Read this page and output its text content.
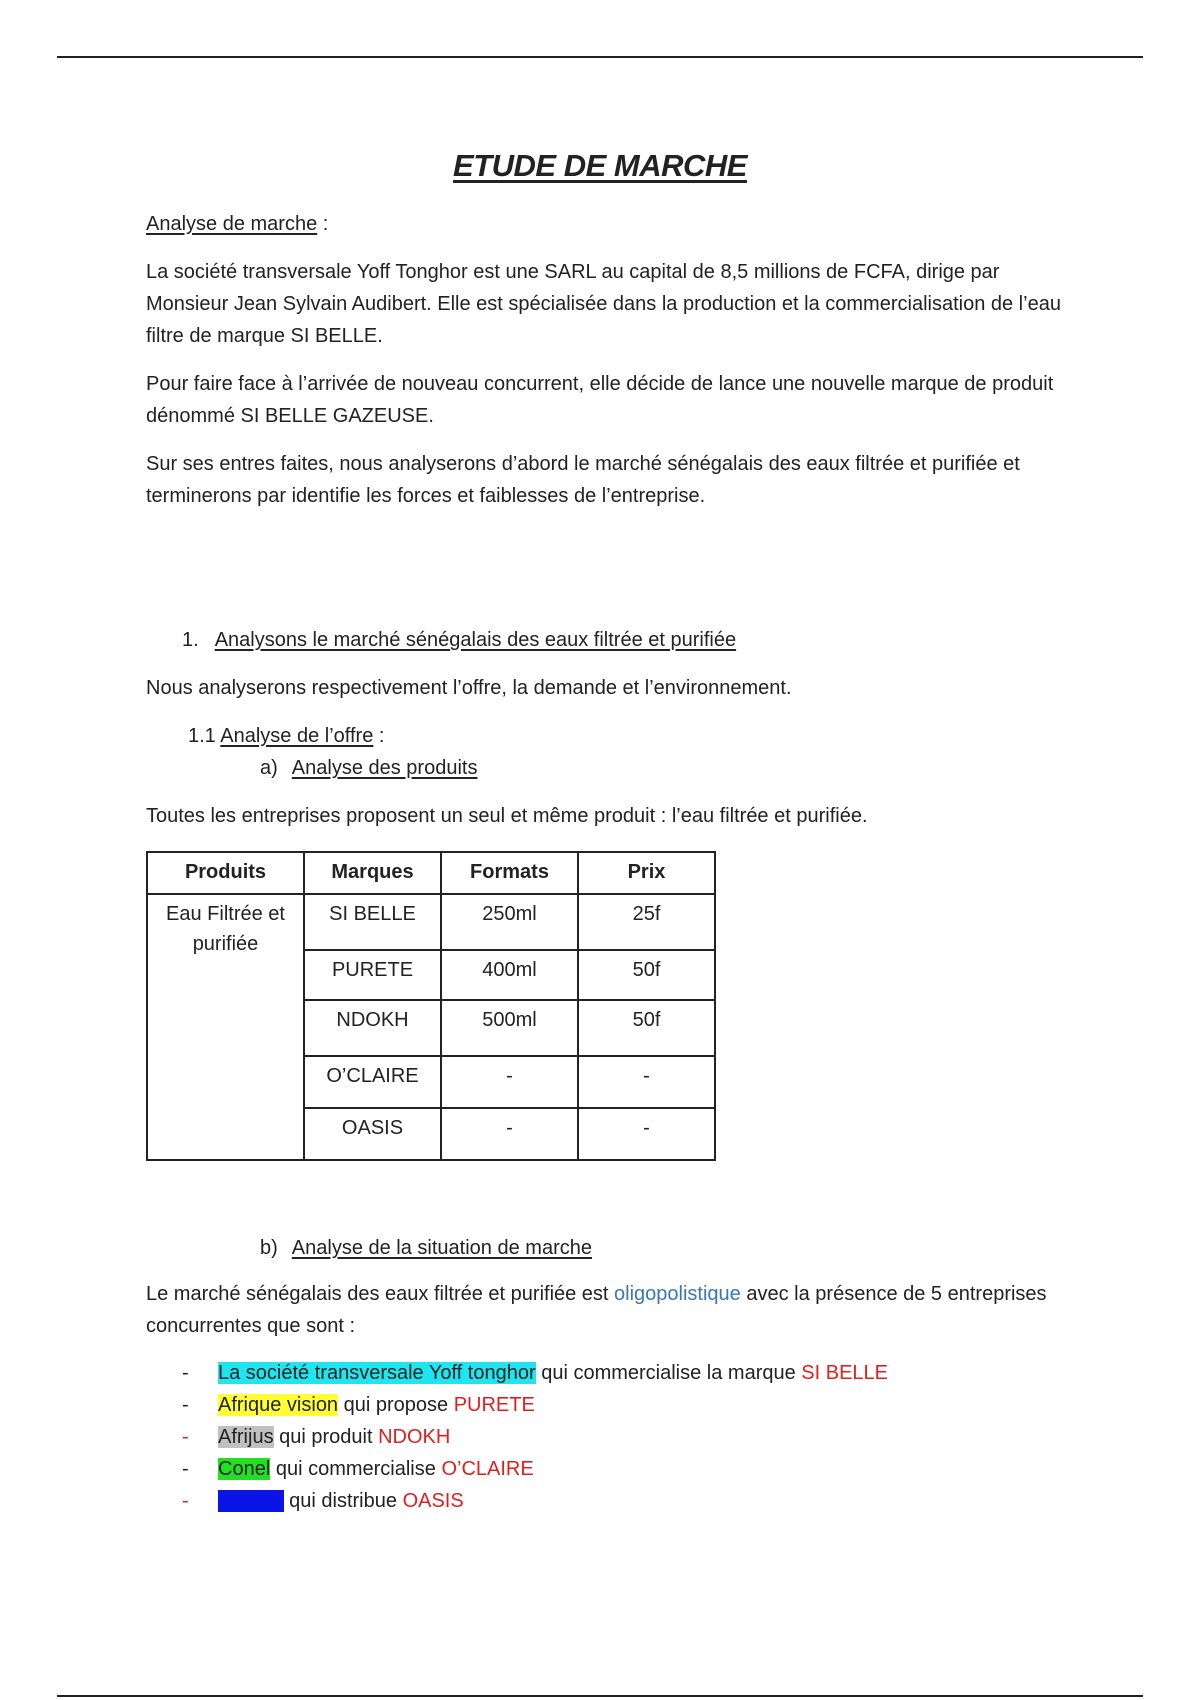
ETUDE DE MARCHE

Analyse de marche :

La société transversale Yoff Tonghor est une SARL au capital de 8,5 millions de FCFA, dirige par Monsieur Jean Sylvain Audibert. Elle est spécialisée dans la production et la commercialisation de l’eau filtre de marque SI BELLE.

Pour faire face à l’arrivée de nouveau concurrent, elle décide de lance une nouvelle marque de produit dénommé SI BELLE GAZEUSE.

Sur ses entres faites, nous analyserons d’abord le marché sénégalais des eaux filtrée et purifiée et terminerons par identifie les forces et faiblesses de l’entreprise.

1. Analysons le marché sénégalais des eaux filtrée et purifiée

Nous analyserons respectivement l’offre, la demande et l’environnement.

1.1 Analyse de l’offre :

a) Analyse des produits

Toutes les entreprises proposent un seul et même produit : l’eau filtrée et purifiée.

Produits	Marques	Formats	Prix
Eau Filtrée et purifiée	SI BELLE	250ml	25f
	PURETE	400ml	50f
	NDOKH	500ml	50f
	O’CLAIRE	-	-
	OASIS	-	-

b) Analyse de la situation de marche

Le marché sénégalais des eaux filtrée et purifiée est oligopolistique avec la présence de 5 entreprises concurrentes que sont :

- La société transversale Yoff tonghor qui commercialise la marque SI BELLE
- Afrique vision qui propose PURETE
- Afrijus qui produit NDOKH
- Conel qui commercialise O’CLAIRE
- Man sa qui distribue OASIS
